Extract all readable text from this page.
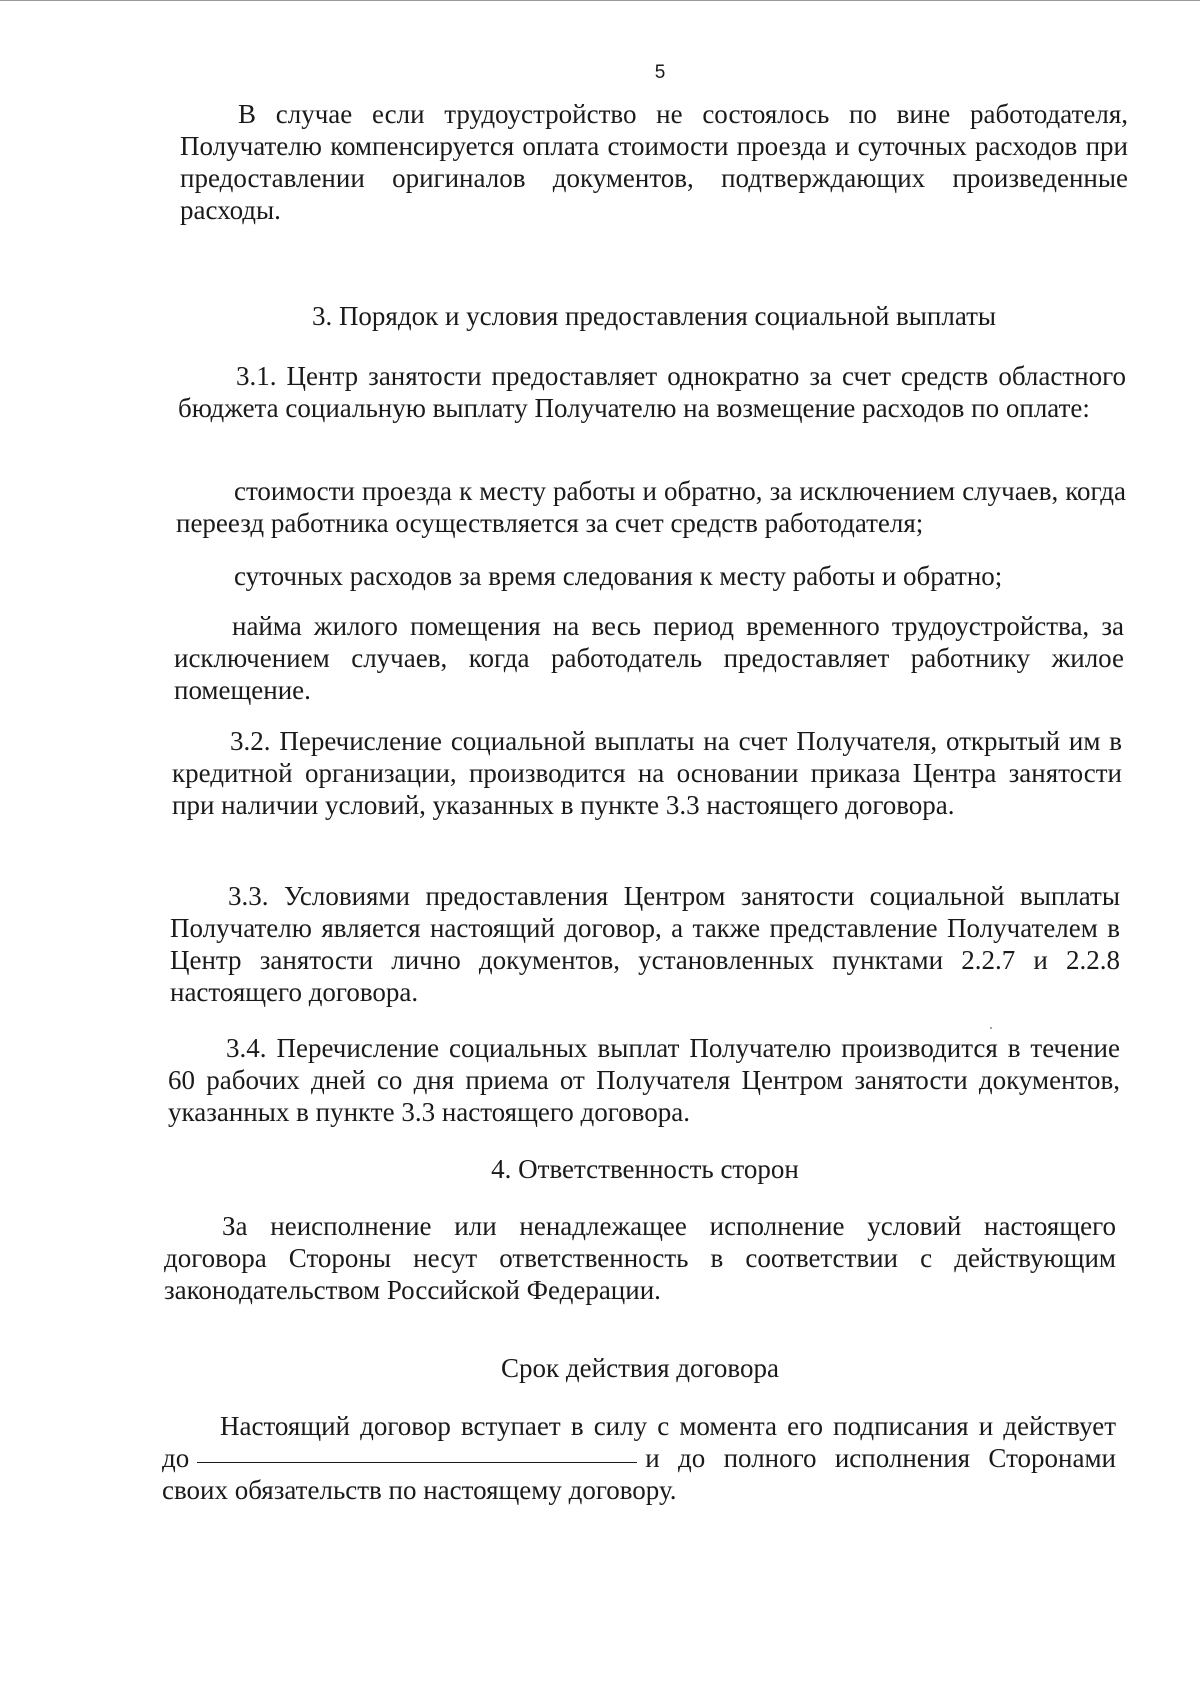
5

В случае если трудоустройство не состоялось по вине работодателя, Получателю компенсируется оплата стоимости проезда и суточных расходов при предоставлении оригиналов документов, подтверждающих произведенные расходы.

3. Порядок и условия предоставления социальной выплаты

3.1. Центр занятости предоставляет однократно за счет средств областного бюджета социальную выплату Получателю на возмещение расходов по оплате:

стоимости проезда к месту работы и обратно, за исключением случаев, когда переезд работника осуществляется за счет средств работодателя;

суточных расходов за время следования к месту работы и обратно;

найма жилого помещения на весь период временного трудоустройства, за исключением случаев, когда работодатель предоставляет работнику жилое помещение.

3.2. Перечисление социальной выплаты на счет Получателя, открытый им в кредитной организации, производится на основании приказа Центра занятости при наличии условий, указанных в пункте 3.3 настоящего договора.

3.3. Условиями предоставления Центром занятости социальной выплаты Получателю является настоящий договор, а также представление Получателем в Центр занятости лично документов, установленных пунктами 2.2.7 и 2.2.8 настоящего договора.

3.4. Перечисление социальных выплат Получателю производится в течение 60 рабочих дней со дня приема от Получателя Центром занятости документов, указанных в пункте 3.3 настоящего договора.

4. Ответственность сторон

За неисполнение или ненадлежащее исполнение условий настоящего договора Стороны несут ответственность в соответствии с действующим законодательством Российской Федерации.

Срок действия договора

Настоящий договор вступает в силу с момента его подписания и действует до	и до полного исполнения Сторонами своих обязательств по настоящему договору.
